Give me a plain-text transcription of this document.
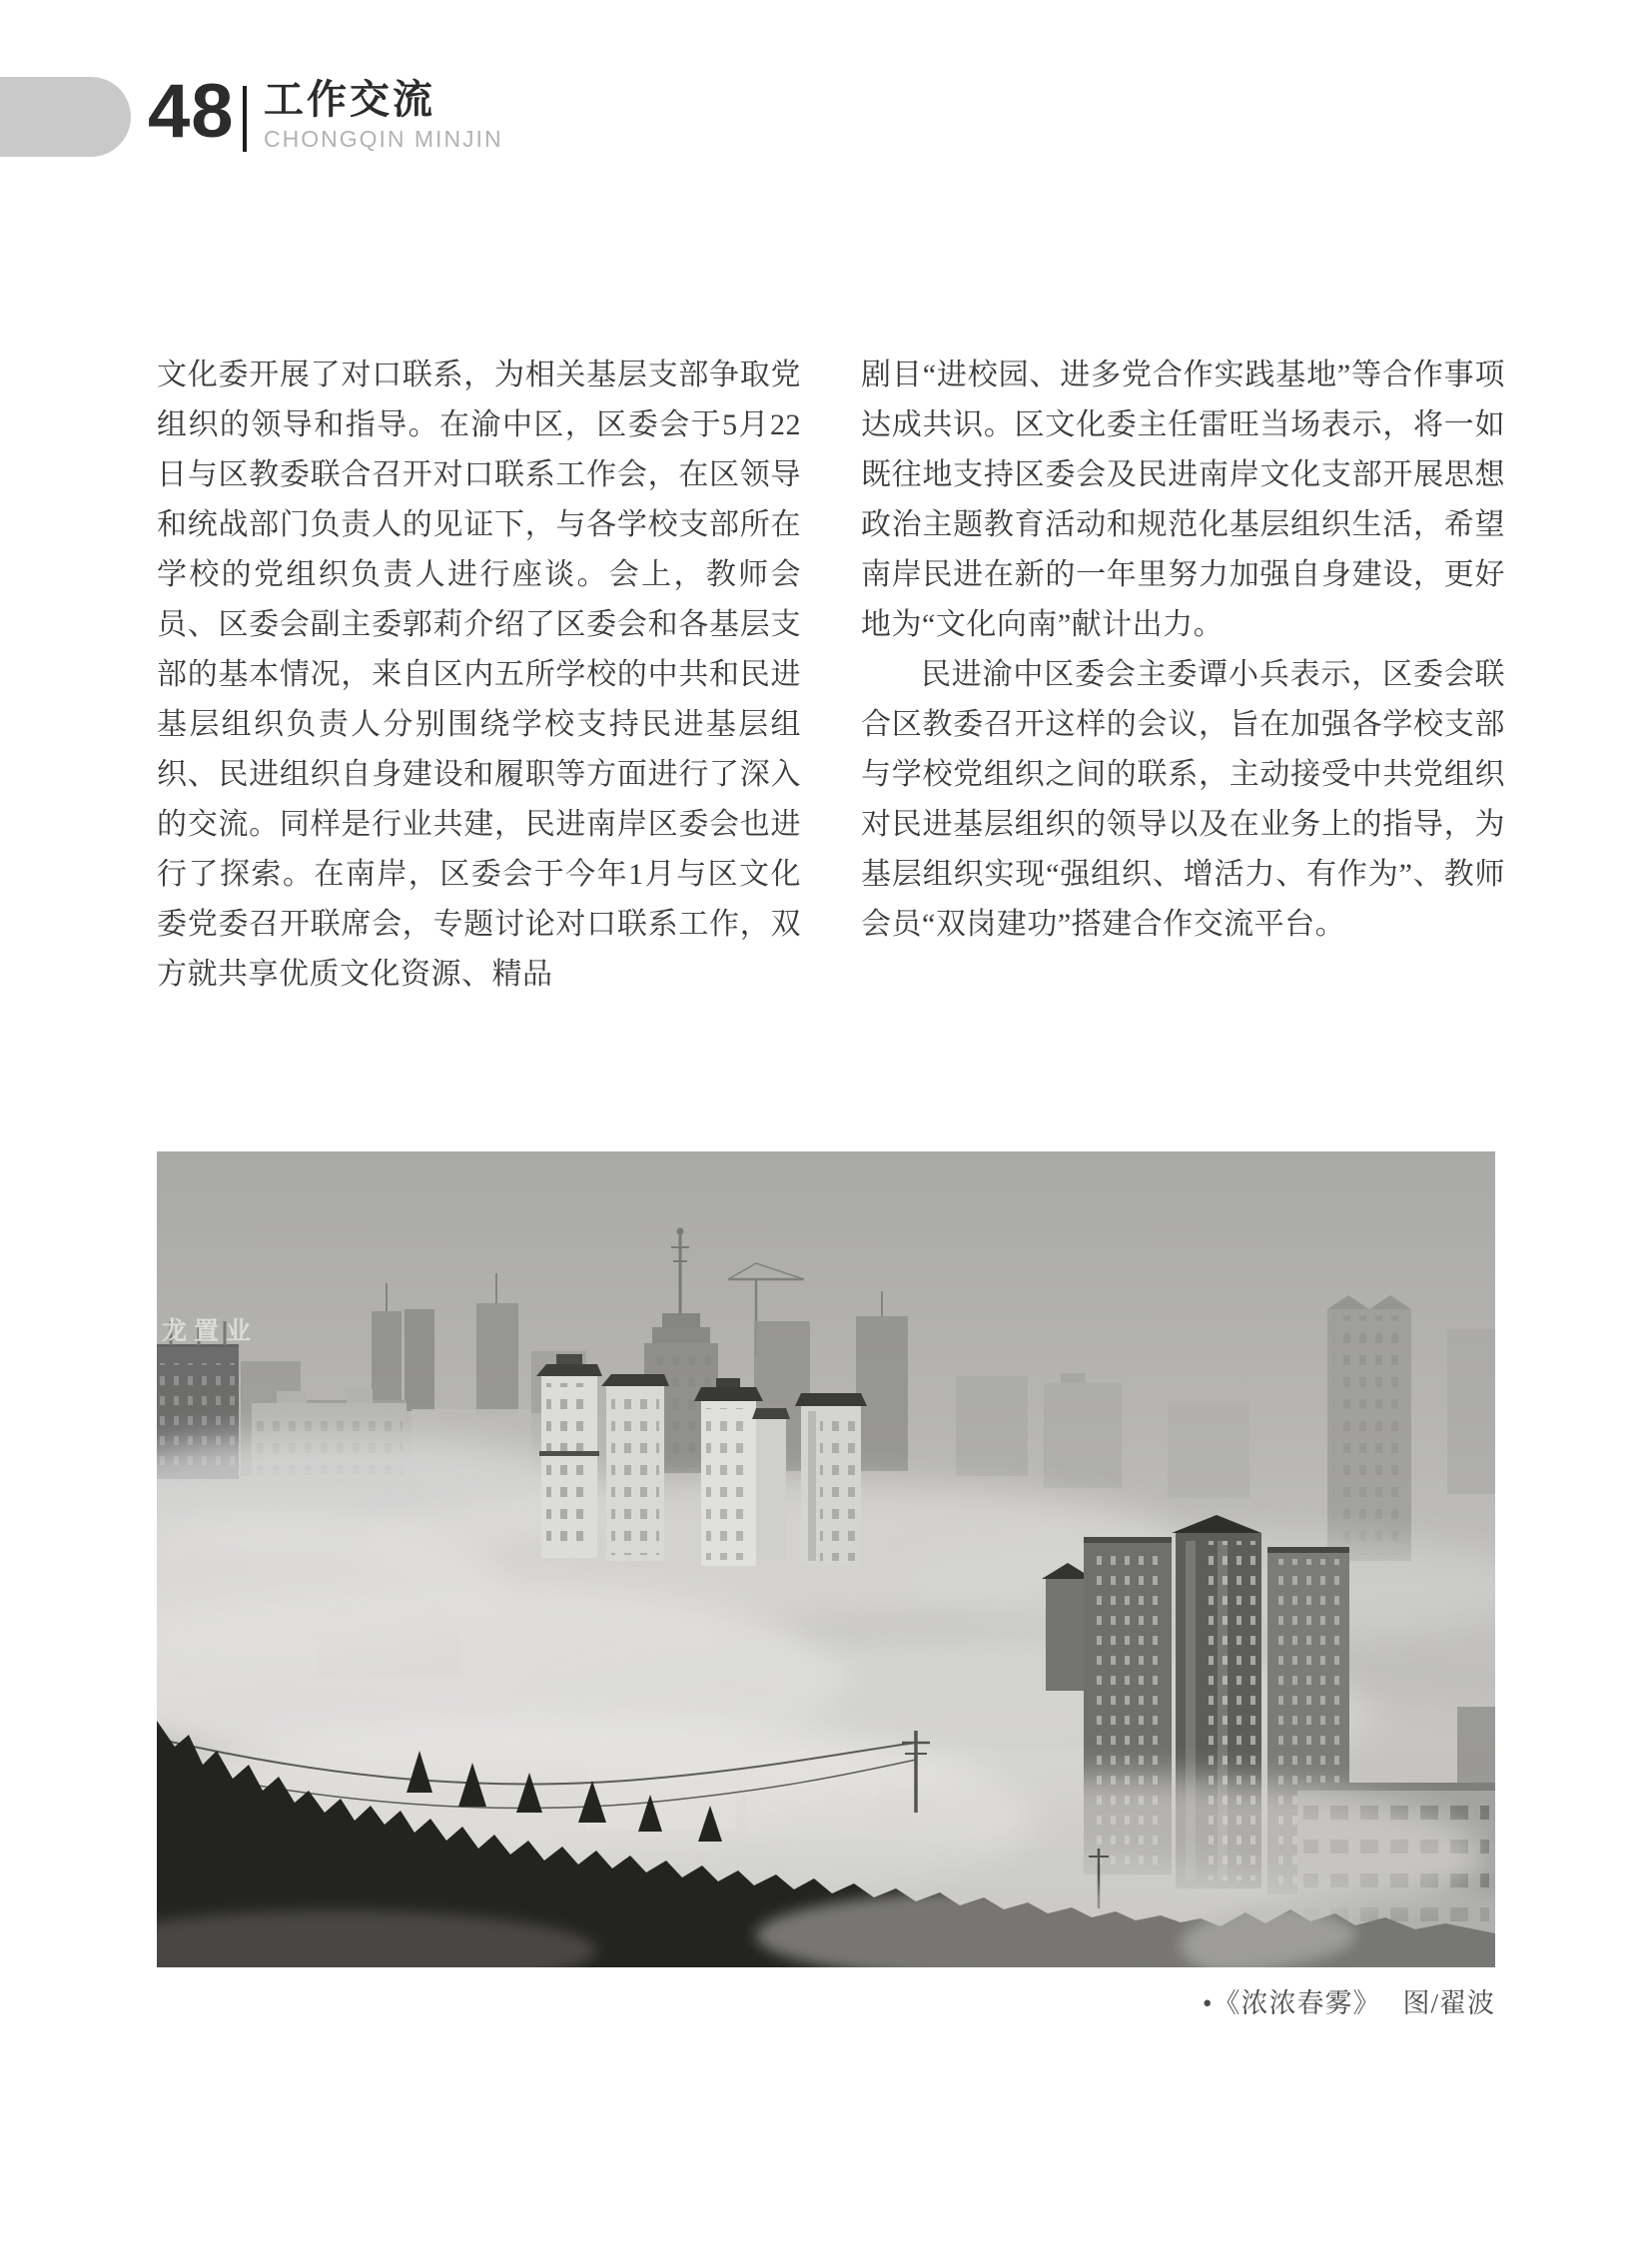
48 工作交流
CHONGQIN MINJIN

文化委开展了对口联系，为相关基层支部争取党组织的领导和指导。在渝中区，区委会于5月22日与区教委联合召开对口联系工作会，在区领导和统战部门负责人的见证下，与各学校支部所在学校的党组织负责人进行座谈。会上，教师会员、区委会副主委郭莉介绍了区委会和各基层支部的基本情况，来自区内五所学校的中共和民进基层组织负责人分别围绕学校支持民进基层组织、民进组织自身建设和履职等方面进行了深入的交流。同样是行业共建，民进南岸区委会也进行了探索。在南岸，区委会于今年1月与区文化委党委召开联席会，专题讨论对口联系工作，双方就共享优质文化资源、精品

剧目“进校园、进多党合作实践基地”等合作事项达成共识。区文化委主任雷旺当场表示，将一如既往地支持区委会及民进南岸文化支部开展思想政治主题教育活动和规范化基层组织生活，希望南岸民进在新的一年里努力加强自身建设，更好地为“文化向南”献计出力。

民进渝中区委会主委谭小兵表示，区委会联合区教委召开这样的会议，旨在加强各学校支部与学校党组织之间的联系，主动接受中共党组织对民进基层组织的领导以及在业务上的指导，为基层组织实现“强组织、增活力、有作为”、教师会员“双岗建功”搭建合作交流平台。

龙置业
•《浓浓春雾》 图/翟波
